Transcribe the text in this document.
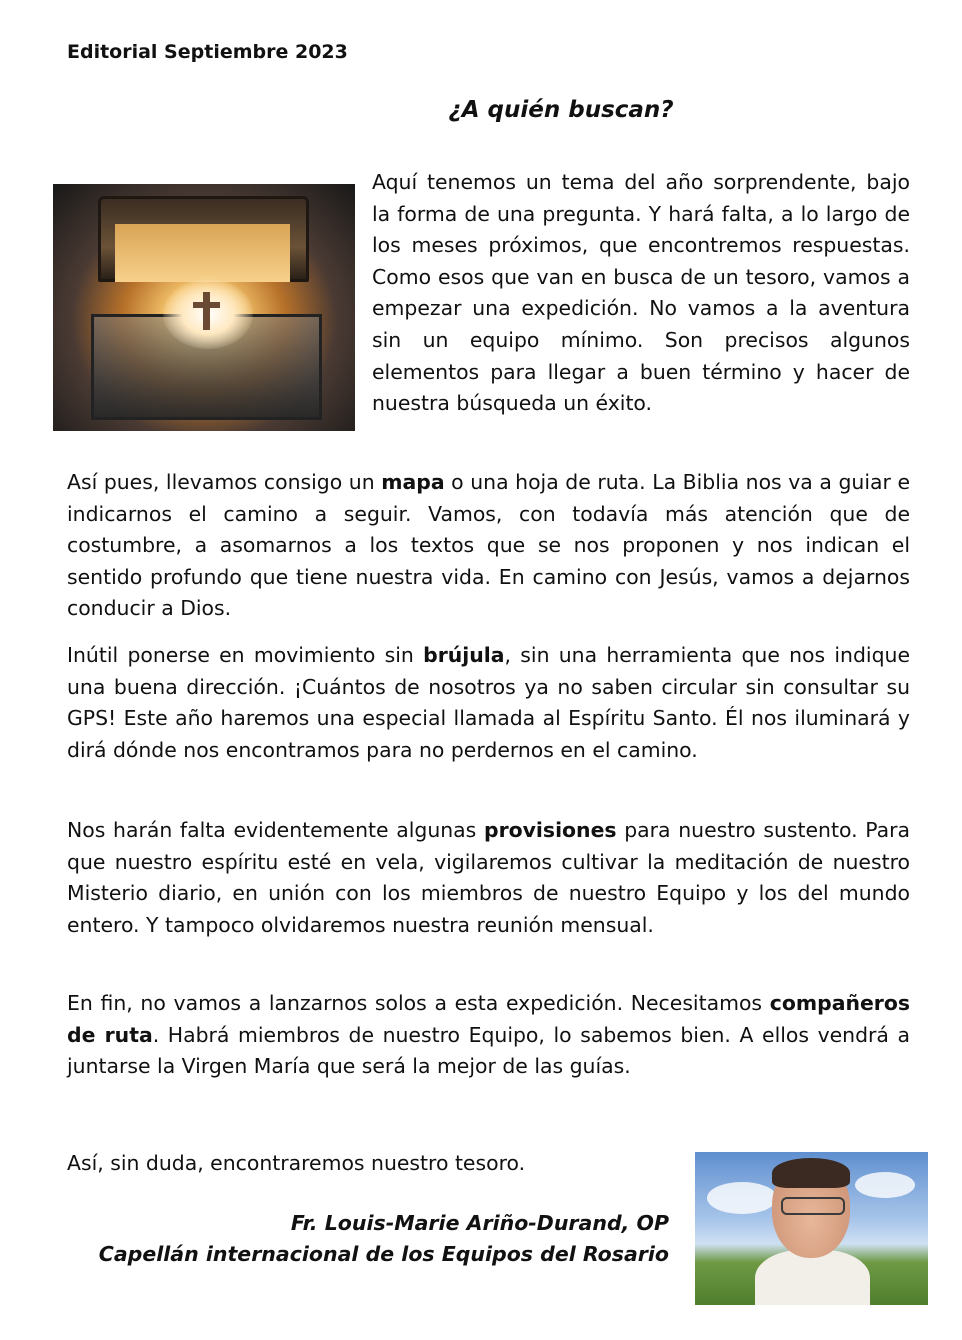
Editorial Septiembre 2023
¿A quién buscan?

Aquí tenemos un tema del año sorprendente, bajo la forma de una pregunta. Y hará falta, a lo largo de los meses próximos, que encontremos respuestas. Como esos que van en busca de un tesoro, vamos a empezar una expedición. No vamos a la aventura sin un equipo mínimo. Son precisos algunos elementos para llegar a buen término y hacer de nuestra búsqueda un éxito.

Así pues, llevamos consigo un mapa o una hoja de ruta. La Biblia nos va a guiar e indicarnos el camino a seguir. Vamos, con todavía más atención que de costumbre, a asomarnos a los textos que se nos proponen y nos indican el sentido profundo que tiene nuestra vida. En camino con Jesús, vamos a dejarnos conducir a Dios.

Inútil ponerse en movimiento sin brújula, sin una herramienta que nos indique una buena dirección. ¡Cuántos de nosotros ya no saben circular sin consultar su GPS! Este año haremos una especial llamada al Espíritu Santo. Él nos iluminará y dirá dónde nos encontramos para no perdernos en el camino.

Nos harán falta evidentemente algunas provisiones para nuestro sustento. Para que nuestro espíritu esté en vela, vigilaremos cultivar la meditación de nuestro Misterio diario, en unión con los miembros de nuestro Equipo y los del mundo entero. Y tampoco olvidaremos nuestra reunión mensual.

En fin, no vamos a lanzarnos solos a esta expedición. Necesitamos compañeros de ruta. Habrá miembros de nuestro Equipo, lo sabemos bien. A ellos vendrá a juntarse la Virgen María que será la mejor de las guías.

Así, sin duda, encontraremos nuestro tesoro.

Fr. Louis-Marie Ariño-Durand, OP
Capellán internacional de los Equipos del Rosario
